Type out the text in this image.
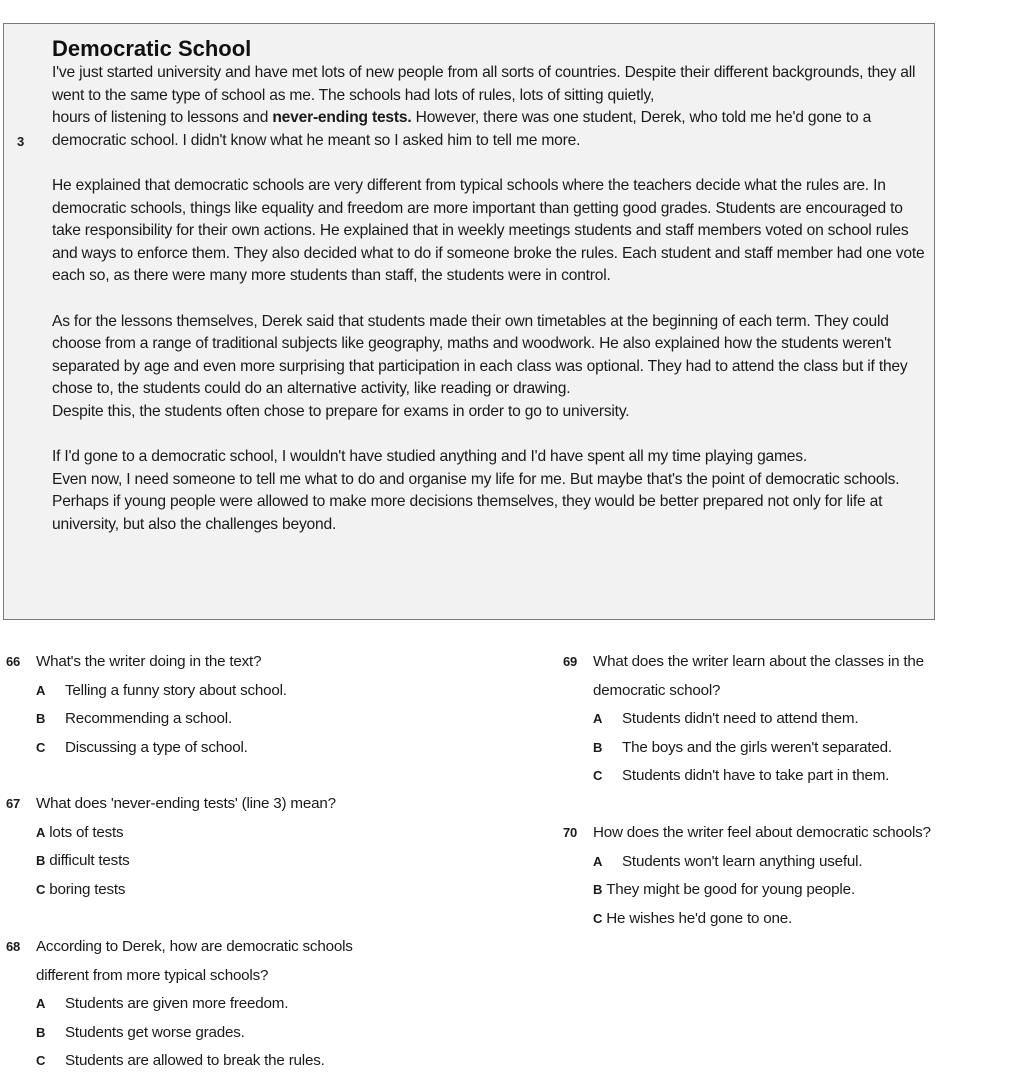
Democratic School
3

I've just started university and have met lots of new people from all sorts of countries. Despite their different backgrounds, they all went to the same type of school as me. The schools had lots of rules, lots of sitting quietly,

hours of listening to lessons and never-ending tests. However, there was one student, Derek, who told me he'd gone to a democratic school. I didn't know what he meant so I asked him to tell me more.

He explained that democratic schools are very different from typical schools where the teachers decide what the rules are. In democratic schools, things like equality and freedom are more important than getting good grades. Students are encouraged to take responsibility for their own actions. He explained that in weekly meetings students and staff members voted on school rules and ways to enforce them. They also decided what to do if someone broke the rules. Each student and staff member had one vote each so, as there were many more students than staff, the students were in control.

As for the lessons themselves, Derek said that students made their own timetables at the beginning of each term. They could choose from a range of traditional subjects like geography, maths and woodwork. He also explained how the students weren't separated by age and even more surprising that participation in each class was optional. They had to attend the class but if they chose to, the students could do an alternative activity, like reading or drawing.

Despite this, the students often chose to prepare for exams in order to go to university.

If I'd gone to a democratic school, I wouldn't have studied anything and I'd have spent all my time playing games.

Even now, I need someone to tell me what to do and organise my life for me. But maybe that's the point of democratic schools. Perhaps if young people were allowed to make more decisions themselves, they would be better prepared not only for life at university, but also the challenges beyond.

66	What's the writer doing in the text?
A	Telling a funny story about school.
B	Recommending a school.
C	Discussing a type of school.
67	What does 'never-ending tests' (line 3) mean?
A lots of tests
B difficult tests
C boring tests
68	According to Derek, how are democratic schools
different from more typical schools?
A	Students are given more freedom.
B	Students get worse grades.
C	Students are allowed to break the rules.
69	What does the writer learn about the classes in the
democratic school?
A	Students didn't need to attend them.
B	The boys and the girls weren't separated.
C	Students didn't have to take part in them.
70	How does the writer feel about democratic schools?
A	Students won't learn anything useful.
B They might be good for young people.
C He wishes he'd gone to one.
